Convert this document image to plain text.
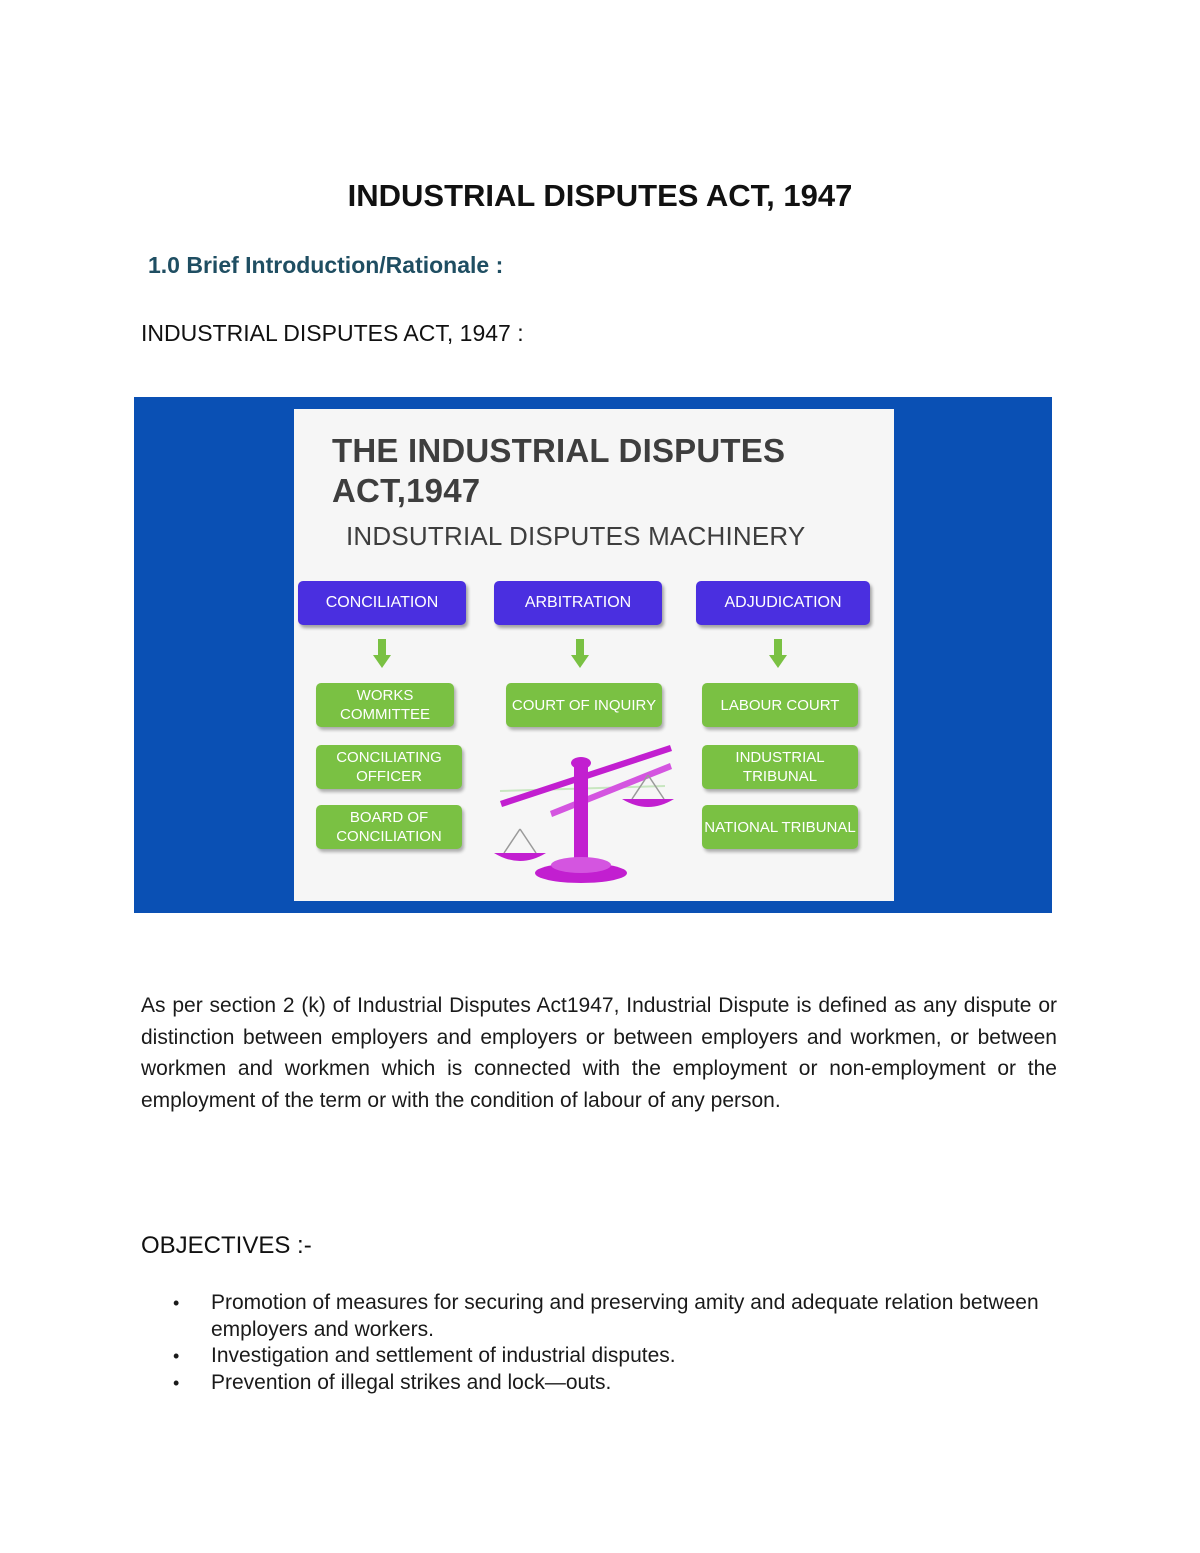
INDUSTRIAL DISPUTES ACT, 1947
1.0 Brief Introduction/Rationale :
INDUSTRIAL DISPUTES ACT, 1947 :
THE INDUSTRIAL DISPUTES
ACT,1947
INDSUTRIAL DISPUTES MACHINERY
CONCILIATION	ARBITRATION	ADJUDICATION
WORKS COMMITTEE
CONCILIATING OFFICER
BOARD OF CONCILIATION
COURT OF INQUIRY	LABOUR COURT
INDUSTRIAL TRIBUNAL
NATIONAL TRIBUNAL

As per section 2 (k) of Industrial Disputes Act1947, Industrial Dispute is defined as any dispute or distinction between employers and employers or between employers and workmen, or between workmen and workmen which is connected with the employment or non-employment or the employment of the term or with the condition of labour of any person.

OBJECTIVES :-
• Promotion of measures for securing and preserving amity and adequate relation between employers and workers.
• Investigation and settlement of industrial disputes.
• Prevention of illegal strikes and lock—outs.
